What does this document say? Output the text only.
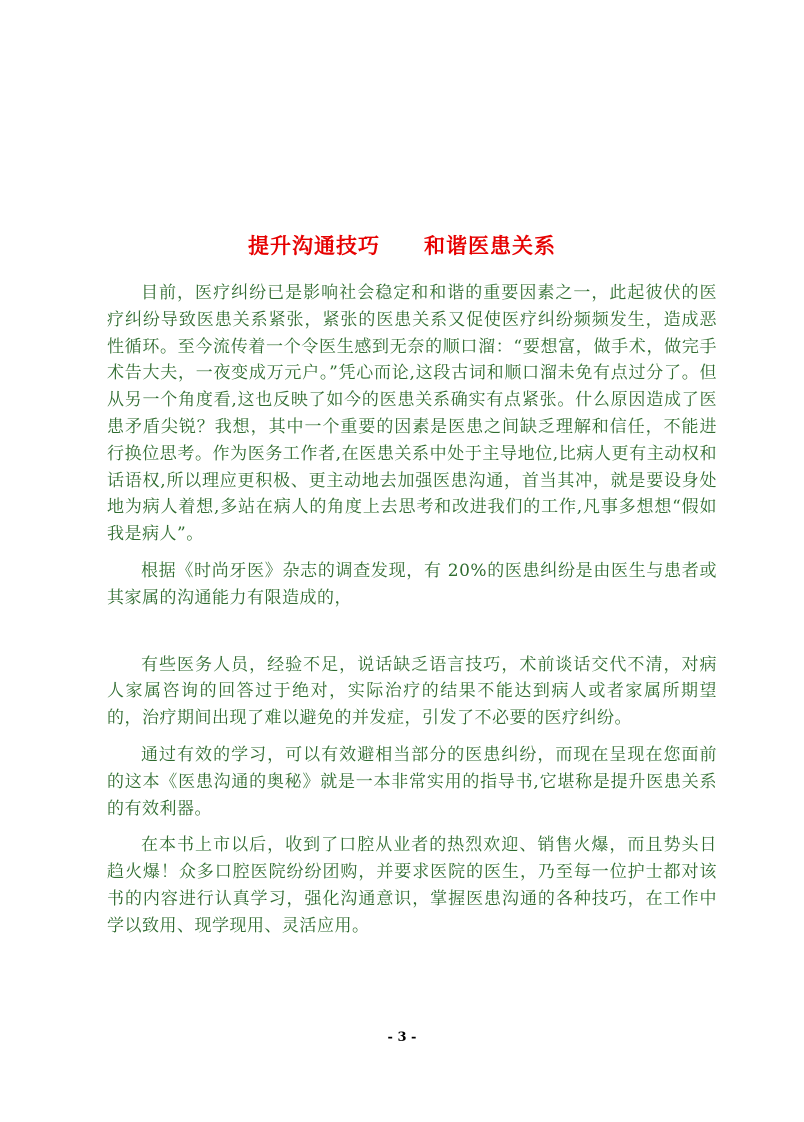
提升沟通技巧　　和谐医患关系

目前，医疗纠纷已是影响社会稳定和和谐的重要因素之一，此起彼伏的医疗纠纷导致医患关系紧张，紧张的医患关系又促使医疗纠纷频频发生，造成恶性循环。至今流传着一个令医生感到无奈的顺口溜：“要想富，做手术，做完手术告大夫，一夜变成万元户。”凭心而论,这段古词和顺口溜未免有点过分了。但从另一个角度看,这也反映了如今的医患关系确实有点紧张。什么原因造成了医患矛盾尖锐？我想，其中一个重要的因素是医患之间缺乏理解和信任，不能进行换位思考。作为医务工作者,在医患关系中处于主导地位,比病人更有主动权和话语权,所以理应更积极、更主动地去加强医患沟通，首当其冲，就是要设身处地为病人着想,多站在病人的角度上去思考和改进我们的工作,凡事多想想“假如我是病人”。

根据《时尚牙医》杂志的调查发现，有 20%的医患纠纷是由医生与患者或其家属的沟通能力有限造成的，

有些医务人员，经验不足，说话缺乏语言技巧，术前谈话交代不清，对病人家属咨询的回答过于绝对，实际治疗的结果不能达到病人或者家属所期望的，治疗期间出现了难以避免的并发症，引发了不必要的医疗纠纷。

通过有效的学习，可以有效避相当部分的医患纠纷，而现在呈现在您面前的这本《医患沟通的奥秘》就是一本非常实用的指导书,它堪称是提升医患关系的有效利器。

在本书上市以后，收到了口腔从业者的热烈欢迎、销售火爆，而且势头日趋火爆！众多口腔医院纷纷团购，并要求医院的医生，乃至每一位护士都对该书的内容进行认真学习，强化沟通意识，掌握医患沟通的各种技巧，在工作中学以致用、现学现用、灵活应用。

- 3 -
